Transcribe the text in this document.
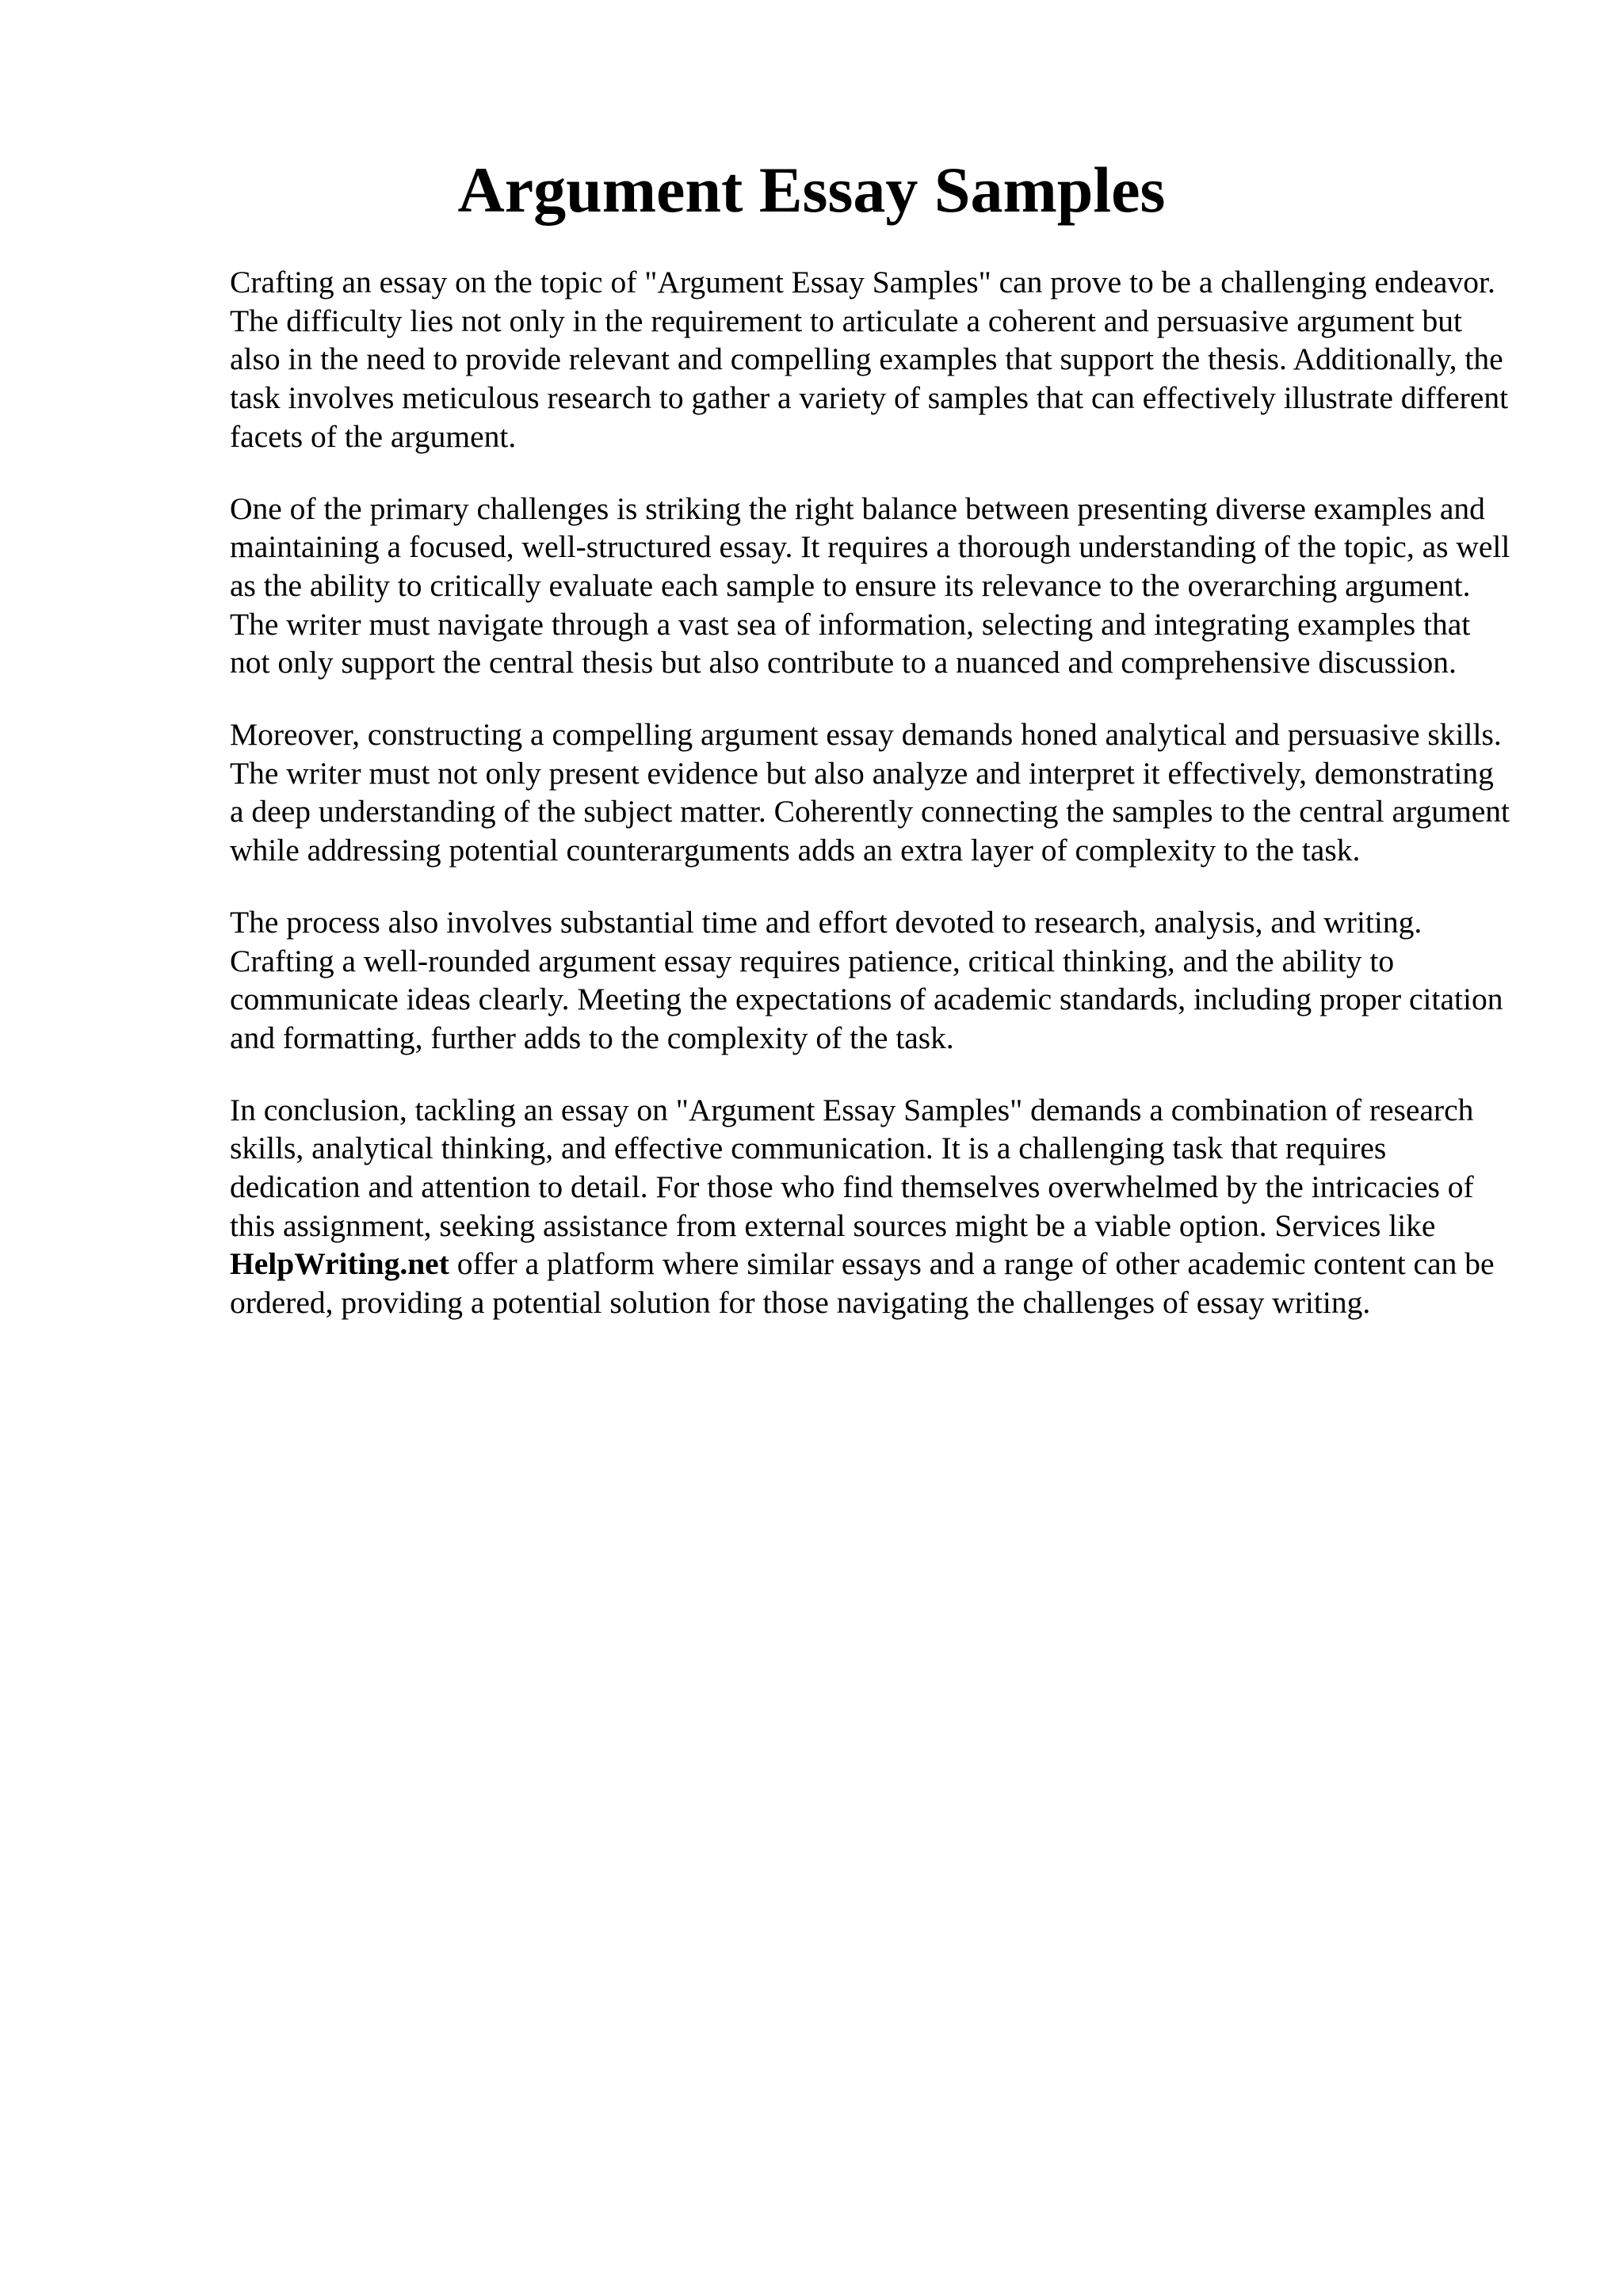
Argument Essay Samples

Crafting an essay on the topic of "Argument Essay Samples" can prove to be a challenging endeavor. The difficulty lies not only in the requirement to articulate a coherent and persuasive argument but also in the need to provide relevant and compelling examples that support the thesis. Additionally, the task involves meticulous research to gather a variety of samples that can effectively illustrate different facets of the argument.

One of the primary challenges is striking the right balance between presenting diverse examples and maintaining a focused, well-structured essay. It requires a thorough understanding of the topic, as well as the ability to critically evaluate each sample to ensure its relevance to the overarching argument. The writer must navigate through a vast sea of information, selecting and integrating examples that not only support the central thesis but also contribute to a nuanced and comprehensive discussion.

Moreover, constructing a compelling argument essay demands honed analytical and persuasive skills. The writer must not only present evidence but also analyze and interpret it effectively, demonstrating a deep understanding of the subject matter. Coherently connecting the samples to the central argument while addressing potential counterarguments adds an extra layer of complexity to the task.

The process also involves substantial time and effort devoted to research, analysis, and writing. Crafting a well-rounded argument essay requires patience, critical thinking, and the ability to communicate ideas clearly. Meeting the expectations of academic standards, including proper citation and formatting, further adds to the complexity of the task.

In conclusion, tackling an essay on "Argument Essay Samples" demands a combination of research skills, analytical thinking, and effective communication. It is a challenging task that requires dedication and attention to detail. For those who find themselves overwhelmed by the intricacies of this assignment, seeking assistance from external sources might be a viable option. Services like HelpWriting.net offer a platform where similar essays and a range of other academic content can be ordered, providing a potential solution for those navigating the challenges of essay writing.
